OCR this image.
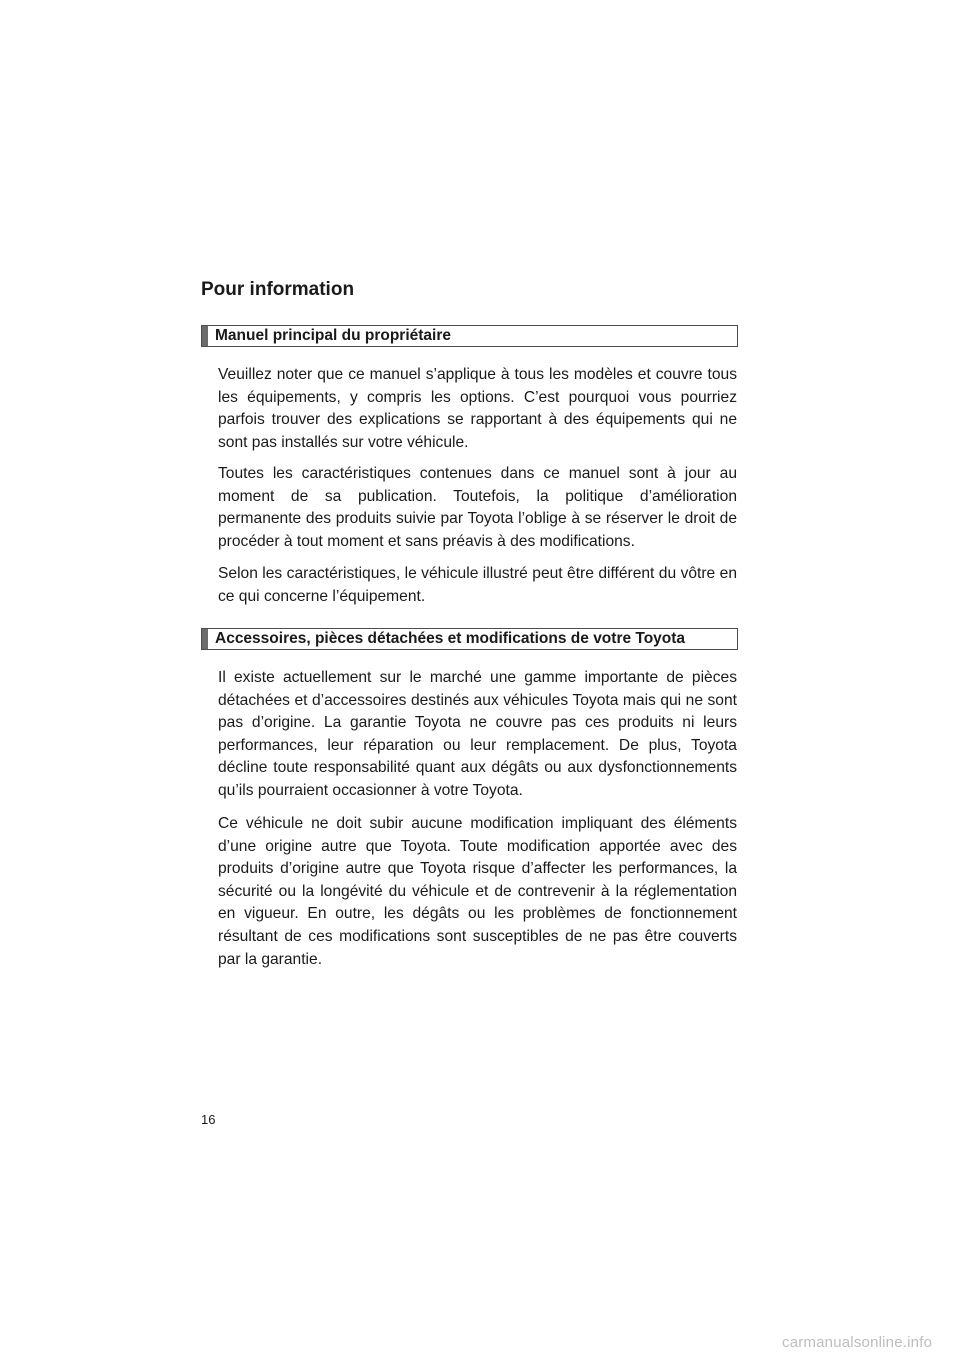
Pour information
Manuel principal du propriétaire

Veuillez noter que ce manuel s’applique à tous les modèles et couvre tous les équipements, y compris les options. C’est pourquoi vous pourriez parfois trouver des explications se rapportant à des équipements qui ne sont pas installés sur votre véhicule.

Toutes les caractéristiques contenues dans ce manuel sont à jour au moment de sa publication. Toutefois, la politique d’amélioration permanente des produits suivie par Toyota l’oblige à se réserver le droit de procéder à tout moment et sans préavis à des modifications.

Selon les caractéristiques, le véhicule illustré peut être différent du vôtre en ce qui concerne l’équipement.

Accessoires, pièces détachées et modifications de votre Toyota

Il existe actuellement sur le marché une gamme importante de pièces détachées et d’accessoires destinés aux véhicules Toyota mais qui ne sont pas d’origine. La garantie Toyota ne couvre pas ces produits ni leurs performances, leur réparation ou leur remplacement. De plus, Toyota décline toute responsabilité quant aux dégâts ou aux dysfonctionnements qu’ils pourraient occasionner à votre Toyota.

Ce véhicule ne doit subir aucune modification impliquant des éléments d’une origine autre que Toyota. Toute modification apportée avec des produits d’origine autre que Toyota risque d’affecter les performances, la sécurité ou la longévité du véhicule et de contrevenir à la réglementation en vigueur. En outre, les dégâts ou les problèmes de fonctionnement résultant de ces modifications sont susceptibles de ne pas être couverts par la garantie.

16
carmanualsonline.info
